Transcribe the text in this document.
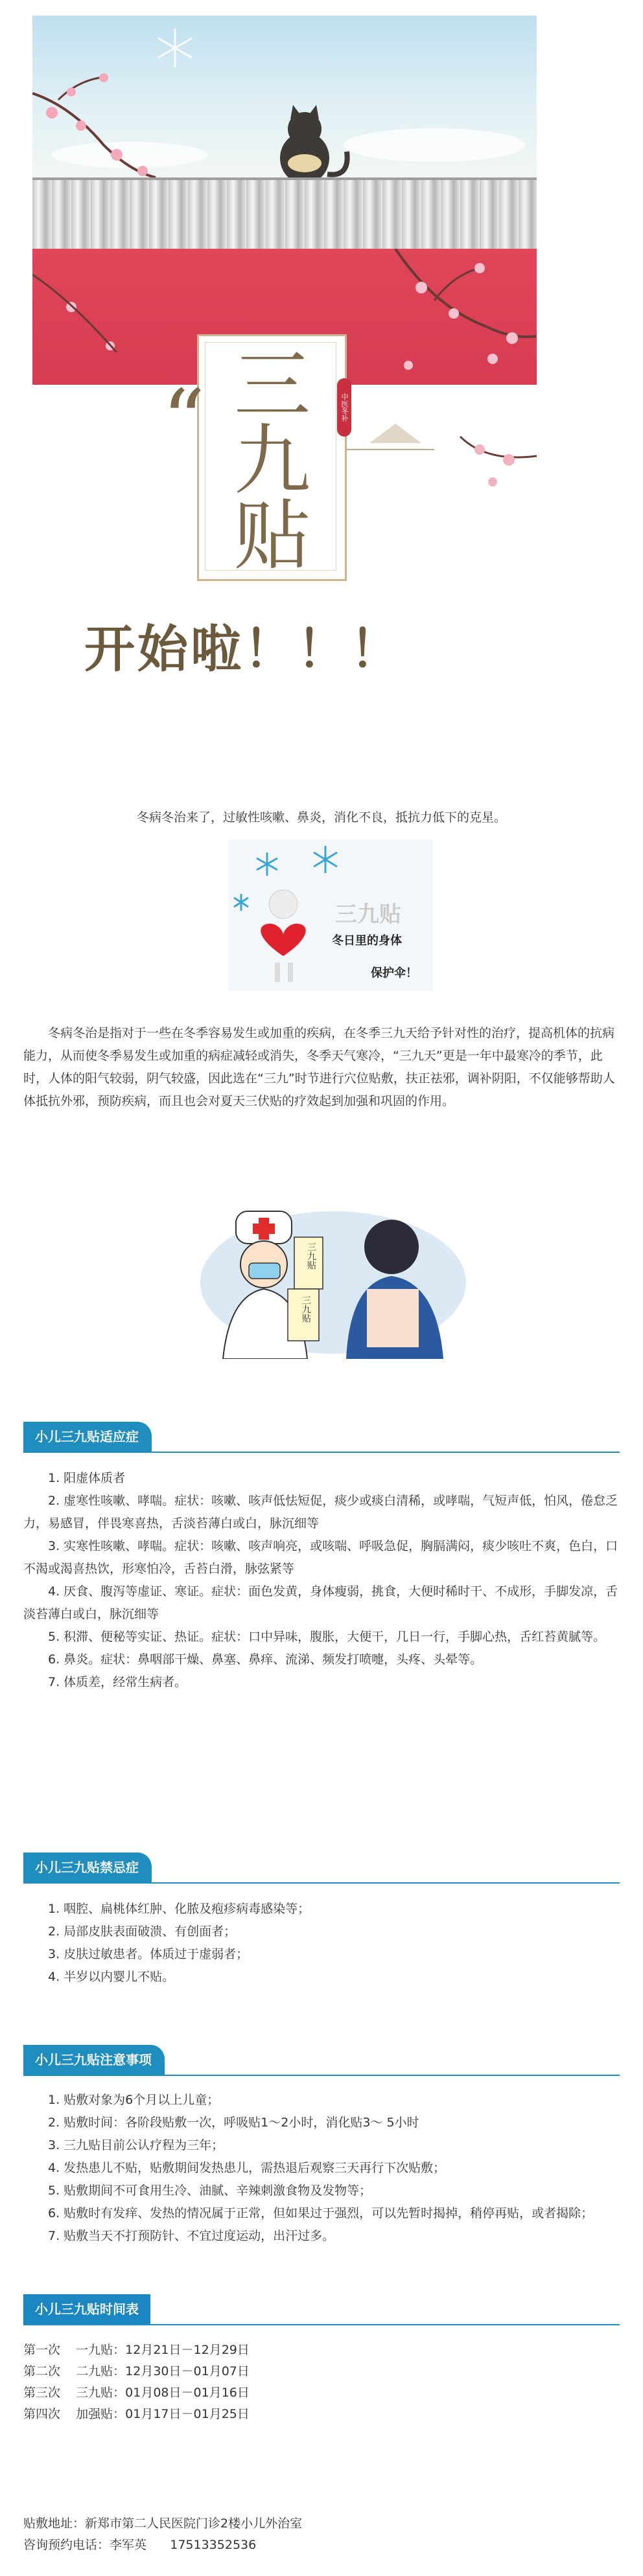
“	中医冬补
三
九
贴
开始啦！！！

冬病冬治来了，过敏性咳嗽、鼻炎，消化不良，抵抗力低下的克星。

三九贴
冬日里的身体
保护伞！

冬病冬治是指对于一些在冬季容易发生或加重的疾病，在冬季三九天给予针对性的治疗，提高机体的抗病能力，从而使冬季易发生或加重的病症减轻或消失，冬季天气寒冷，“三九天”更是一年中最寒冷的季节，此时，人体的阳气较弱，阴气较盛，因此选在“三九”时节进行穴位贴敷，扶正祛邪，调补阴阳，不仅能够帮助人体抵抗外邪，预防疾病，而且也会对夏天三伏贴的疗效起到加强和巩固的作用。

三九贴
三九贴
小儿三九贴适应症

1. 阳虚体质者

2. 虚寒性咳嗽、哮喘。症状：咳嗽、咳声低怯短促，痰少或痰白清稀，或哮喘，气短声低，怕风，倦怠乏力，易感冒，伴畏寒喜热，舌淡苔薄白或白，脉沉细等

3. 实寒性咳嗽、哮喘。症状：咳嗽、咳声响亮，或咳喘、呼吸急促，胸膈满闷，痰少咳吐不爽，色白，口不渴或渴喜热饮，形寒怕冷，舌苔白滑，脉弦紧等

4. 厌食、腹泻等虚证、寒证。症状：面色发黄，身体瘦弱，挑食，大便时稀时干、不成形，手脚发凉，舌淡苔薄白或白，脉沉细等

5. 积滞、便秘等实证、热证。症状：口中异味，腹胀，大便干，几日一行，手脚心热，舌红苔黄腻等。

6. 鼻炎。症状：鼻咽部干燥、鼻塞、鼻痒、流涕、频发打喷嚏，头疼、头晕等。

7. 体质差，经常生病者。

小儿三九贴禁忌症

1. 咽腔、扁桃体红肿、化脓及疱疹病毒感染等；

2. 局部皮肤表面破溃、有创面者；

3. 皮肤过敏患者。体质过于虚弱者；

4. 半岁以内婴儿不贴。

小儿三九贴注意事项

1. 贴敷对象为6个月以上儿童；

2. 贴敷时间：各阶段贴敷一次，呼吸贴1～2小时，消化贴3～ 5小时

3. 三九贴目前公认疗程为三年；

4. 发热患儿不贴，贴敷期间发热患儿，需热退后观察三天再行下次贴敷；

5. 贴敷期间不可食用生冷、油腻、辛辣刺激食物及发物等；

6. 贴敷时有发痒、发热的情况属于正常，但如果过于强烈，可以先暂时揭掉，稍停再贴，或者揭除；

7. 贴敷当天不打预防针、不宜过度运动，出汗过多。

小儿三九贴时间表

第一次    一九贴：12月21日－12月29日

第二次    二九贴：12月30日－01月07日

第三次    三九贴：01月08日－01月16日

第四次    加强贴：01月17日－01月25日

贴敷地址：新郑市第二人民医院门诊2楼小儿外治室

咨询预约电话：李军英      17513352536
